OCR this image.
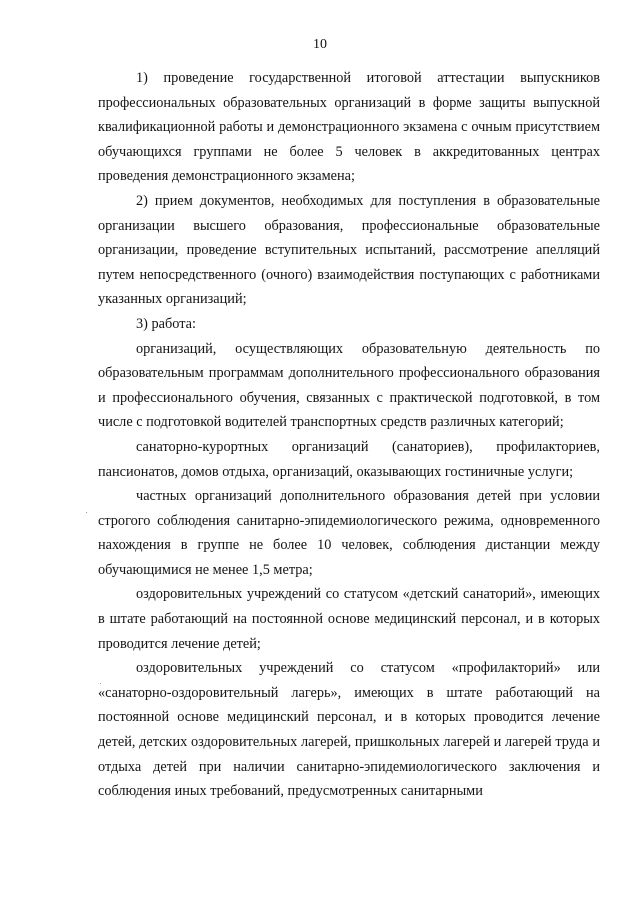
10

1) проведение государственной итоговой аттестации выпускников профессиональных образовательных организаций в форме защиты выпускной квалификационной работы и демонстрационного экзамена с очным присутствием обучающихся группами не более 5 человек в аккредитованных центрах проведения демонстрационного экзамена;

2) прием документов, необходимых для поступления в образовательные организации высшего образования, профессиональные образовательные организации, проведение вступительных испытаний, рассмотрение апелляций путем непосредственного (очного) взаимодействия поступающих с работниками указанных организаций;

3) работа:

организаций, осуществляющих образовательную деятельность по образовательным программам дополнительного профессионального образования и профессионального обучения, связанных с практической подготовкой, в том числе с подготовкой водителей транспортных средств различных категорий;

санаторно-курортных организаций (санаториев), профилакториев, пансионатов, домов отдыха, организаций, оказывающих гостиничные услуги;

частных организаций дополнительного образования детей при условии строгого соблюдения санитарно-эпидемиологического режима, одновременного нахождения в группе не более 10 человек, соблюдения дистанции между обучающимися не менее 1,5 метра;

оздоровительных учреждений со статусом «детский санаторий», имеющих в штате работающий на постоянной основе медицинский персонал, и в которых проводится лечение детей;

оздоровительных учреждений со статусом «профилакторий» или «санаторно-оздоровительный лагерь», имеющих в штате работающий на постоянной основе медицинский персонал, и в которых проводится лечение детей, детских оздоровительных лагерей, пришкольных лагерей и лагерей труда и отдыха детей при наличии санитарно-эпидемиологического заключения и соблюдения иных требований, предусмотренных санитарными
